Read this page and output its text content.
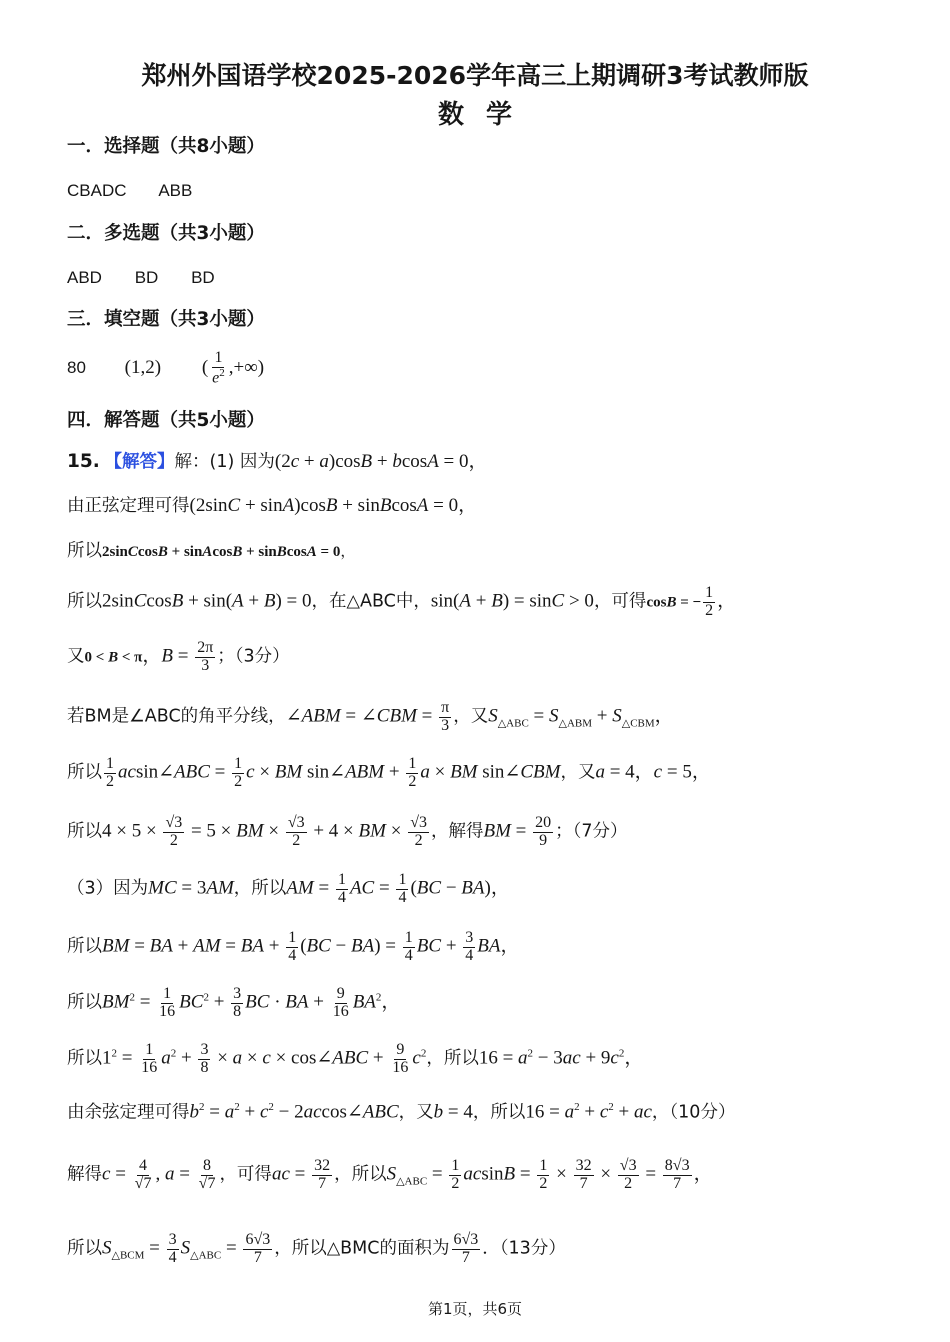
郑州外国语学校2025-2026学年高三上期调研3考试教师版
数学
一．选择题（共8小题）
CBADC ABB
二．多选题（共3小题）
ABD BD BD
三．填空题（共3小题）
80 (1,2) ( $\frac{1}{e^2}$ ,+∞)
四．解答题（共5小题）
15. 【解答】解：(1) 因为(2c + a)cosB + bcosA = 0，
由正弦定理可得(2sinC + sinA)cosB + sinBcosA = 0，
所以2sinCcosB + sinAcosB + sinBcosA = 0，
所以2sinCcosB + sin(A + B) = 0，在△ABC中，sin(A + B) = sinC > 0，可得cosB = − $\frac{1}{2}$ ，
又0 < B < π，$B = \frac{2\pi}{3}$ ；（3分）
若BM是∠ABC的角平分线，∠ABM = ∠CBM = $\frac{\pi}{3}$ ，又$S_{\triangle ABC} = S_{\triangle ABM} + S_{\triangle CBM}$，
所以 $\frac{1}{2}$ acsin∠ABC = $\frac{1}{2}$ c × BM sin∠ABM + $\frac{1}{2}$ a × BM sin∠CBM，又a = 4，c = 5，
所以$4 \times 5 \times \frac{√3}{2} = 5$ × BM × $\frac{√3}{2} + 4$ × BM × $\frac{√3}{2}$ ，解得BM = $\frac{20}{9}$ ；（7分）
（3）因为MC = 3AM，所以AM = $\frac{1}{4}$ AC = $\frac{1}{4} (BC - BA)$，
所以BM = BA + AM = BA + $\frac{1}{4} (BC - BA) = \frac{1}{4}$ BC + $\frac{3}{4}$ BA，
所以$BM^2 = \frac{1}{16} BC^2 + \frac{3}{8}$ BC · BA + $\frac{9}{16} BA^2$，
所以$1^2 = \frac{1}{16} a^2 + \frac{3}{8} \times a \times c$ × cos∠ABC + $\frac{9}{16} c^2$，所以$16 = a^2 - 3ac + 9c^2$，
由余弦定理可得$b^2 = a^2 + c^2$ − 2accos∠ABC，又b = 4，所以$16 = a^2 + c^2$ + ac，（10分）
解得$c = \frac{4}{√7}$ , $a = \frac{8}{√7}$ ，可得ac = $\frac{32}{7}$ ，所以$S_{\triangle ABC} = \frac{1}{2}$ $acsinB = \frac{1}{2} \times \frac{32}{7} \times \frac{√3}{2} = \frac{8√3}{7}$ ，
所以$S_{\triangle BCM} = \frac{3}{4} S_{\triangle ABC} = \frac{6√3}{7}$ ，所以△BMC的面积为 $\frac{6√3}{7}$ ．（13分）
第1页，共6页
